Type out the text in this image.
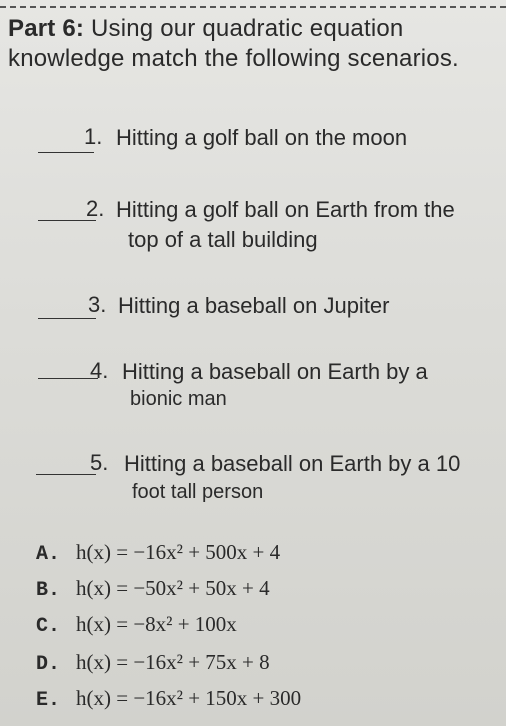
Part 6: Using our quadratic equation
knowledge match the following scenarios.
1. Hitting a golf ball on the moon
2. Hitting a golf ball on Earth from the
top of a tall building
3. Hitting a baseball on Jupiter
4. Hitting a baseball on Earth by a
bionic man
5. Hitting a baseball on Earth by a 10
foot tall person
A. h(x) = −16x² + 500x + 4
B. h(x) = −50x² + 50x + 4
C. h(x) = −8x² + 100x
D. h(x) = −16x² + 75x + 8
E. h(x) = −16x² + 150x + 300
